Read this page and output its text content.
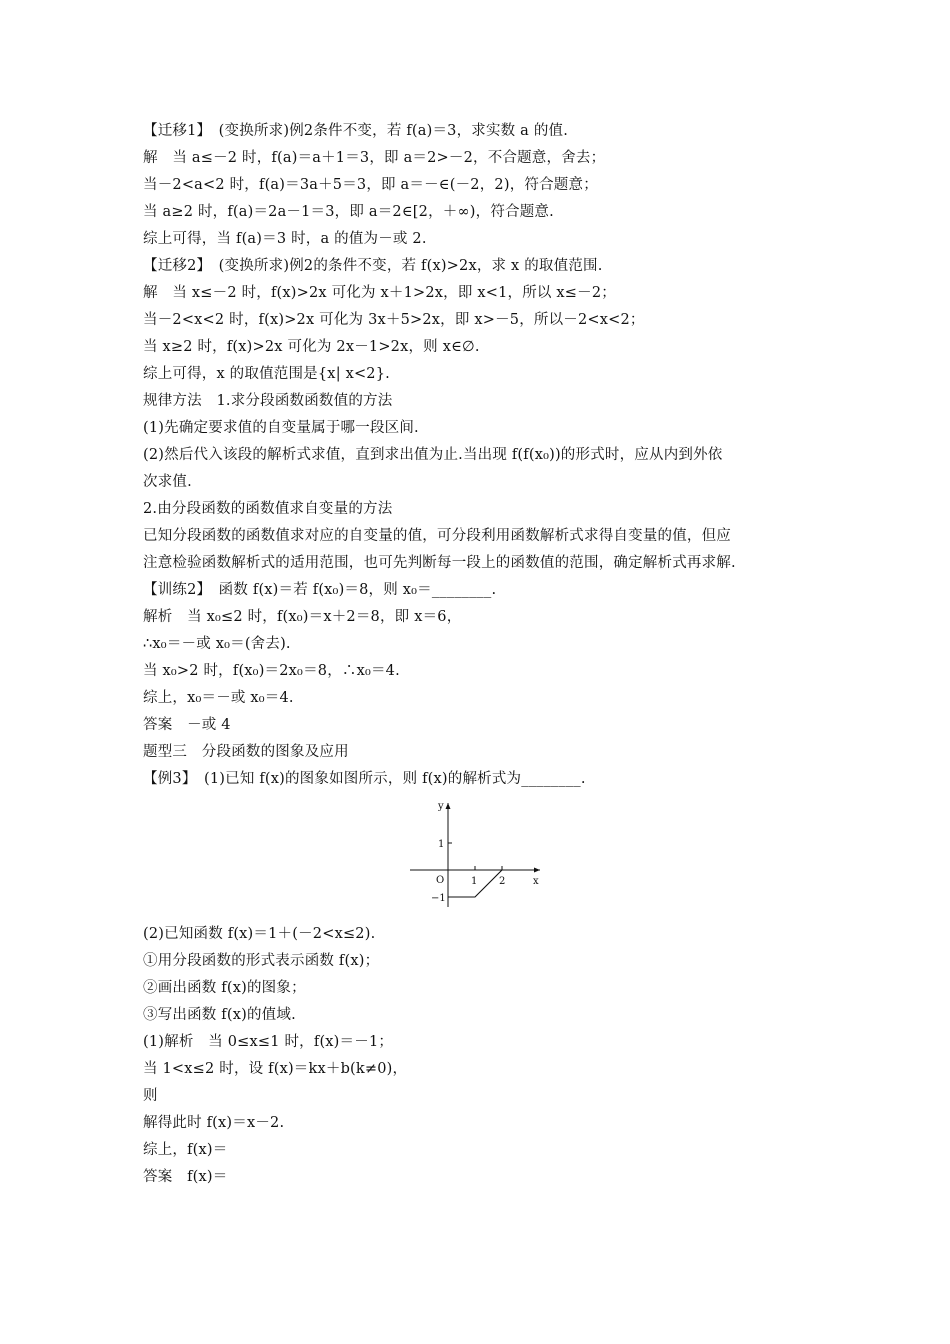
【迁移1】　(变换所求)例2条件不变，若 f(a)＝3，求实数 a 的值.
解　当 a≤－2 时，f(a)＝a＋1＝3，即 a＝2>－2，不合题意，舍去；
当－2<a<2 时，f(a)＝3a＋5＝3，即 a＝－∈(－2，2)，符合题意；
当 a≥2 时，f(a)＝2a－1＝3，即 a＝2∈[2，＋∞)，符合题意.
综上可得，当 f(a)＝3 时，a 的值为－或 2.
【迁移2】　(变换所求)例2的条件不变，若 f(x)>2x，求 x 的取值范围.
解　当 x≤－2 时，f(x)>2x 可化为 x＋1>2x，即 x<1，所以 x≤－2；
当－2<x<2 时，f(x)>2x 可化为 3x＋5>2x，即 x>－5，所以－2<x<2；
当 x≥2 时，f(x)>2x 可化为 2x－1>2x，则 x∈∅.
综上可得，x 的取值范围是{x| x<2}.
规律方法　1.求分段函数函数值的方法
(1)先确定要求值的自变量属于哪一段区间.
(2)然后代入该段的解析式求值，直到求出值为止.当出现 f(f(x₀))的形式时，应从内到外依
次求值.
2.由分段函数的函数值求自变量的方法
已知分段函数的函数值求对应的自变量的值，可分段利用函数解析式求得自变量的值，但应
注意检验函数解析式的适用范围，也可先判断每一段上的函数值的范围，确定解析式再求解.
【训练2】　函数 f(x)＝若 f(x₀)＝8，则 x₀＝________.
解析　当 x₀≤2 时，f(x₀)＝x＋2＝8，即 x＝6，
∴x₀＝－或 x₀＝(舍去).
当 x₀>2 时，f(x₀)＝2x₀＝8，∴x₀＝4.
综上，x₀＝－或 x₀＝4.
答案　－或 4
题型三　分段函数的图象及应用
【例3】　(1)已知 f(x)的图象如图所示，则 f(x)的解析式为________.
y
x
O
1
−1
1 2
(2)已知函数 f(x)＝1＋(－2<x≤2).
①用分段函数的形式表示函数 f(x)；
②画出函数 f(x)的图象；
③写出函数 f(x)的值域.
(1)解析　当 0≤x≤1 时，f(x)＝－1；
当 1<x≤2 时，设 f(x)＝kx＋b(k≠0)，
则
解得此时 f(x)＝x－2.
综上，f(x)＝
答案　f(x)＝
